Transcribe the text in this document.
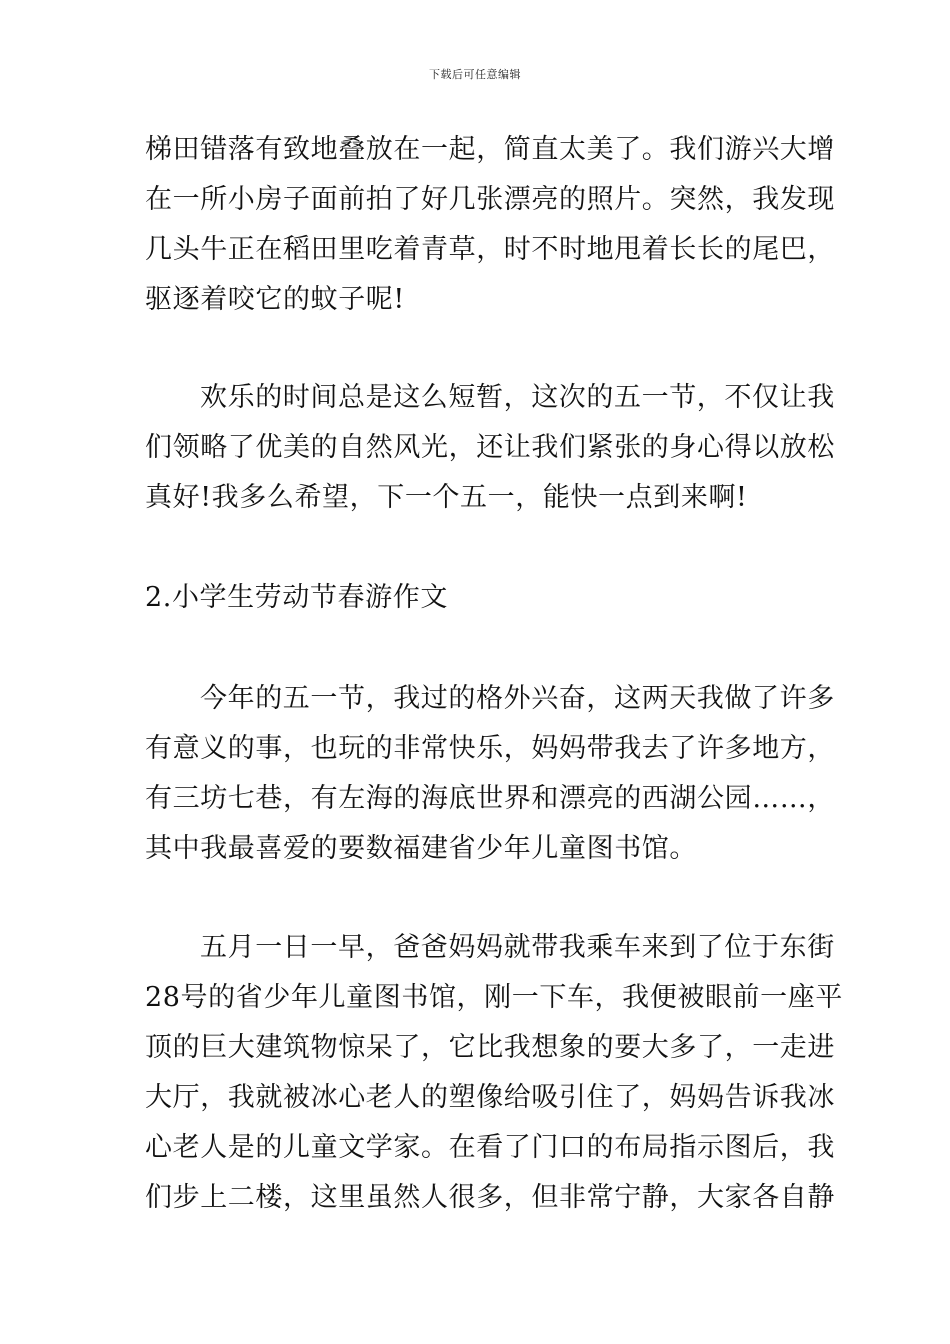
下载后可任意编辑
梯田错落有致地叠放在一起，简直太美了。我们游兴大增
在一所小房子面前拍了好几张漂亮的照片。突然，我发现
几头牛正在稻田里吃着青草，时不时地甩着长长的尾巴，
驱逐着咬它的蚊子呢!
欢乐的时间总是这么短暂，这次的五一节，不仅让我
们领略了优美的自然风光，还让我们紧张的身心得以放松
真好!我多么希望，下一个五一，能快一点到来啊!
2.小学生劳动节春游作文
今年的五一节，我过的格外兴奋，这两天我做了许多
有意义的事，也玩的非常快乐，妈妈带我去了许多地方，
有三坊七巷，有左海的海底世界和漂亮的西湖公园……，
其中我最喜爱的要数福建省少年儿童图书馆。
五月一日一早，爸爸妈妈就带我乘车来到了位于东街
28号的省少年儿童图书馆，刚一下车，我便被眼前一座平
顶的巨大建筑物惊呆了，它比我想象的要大多了，一走进
大厅，我就被冰心老人的塑像给吸引住了，妈妈告诉我冰
心老人是的儿童文学家。在看了门口的布局指示图后，我
们步上二楼，这里虽然人很多，但非常宁静，大家各自静
